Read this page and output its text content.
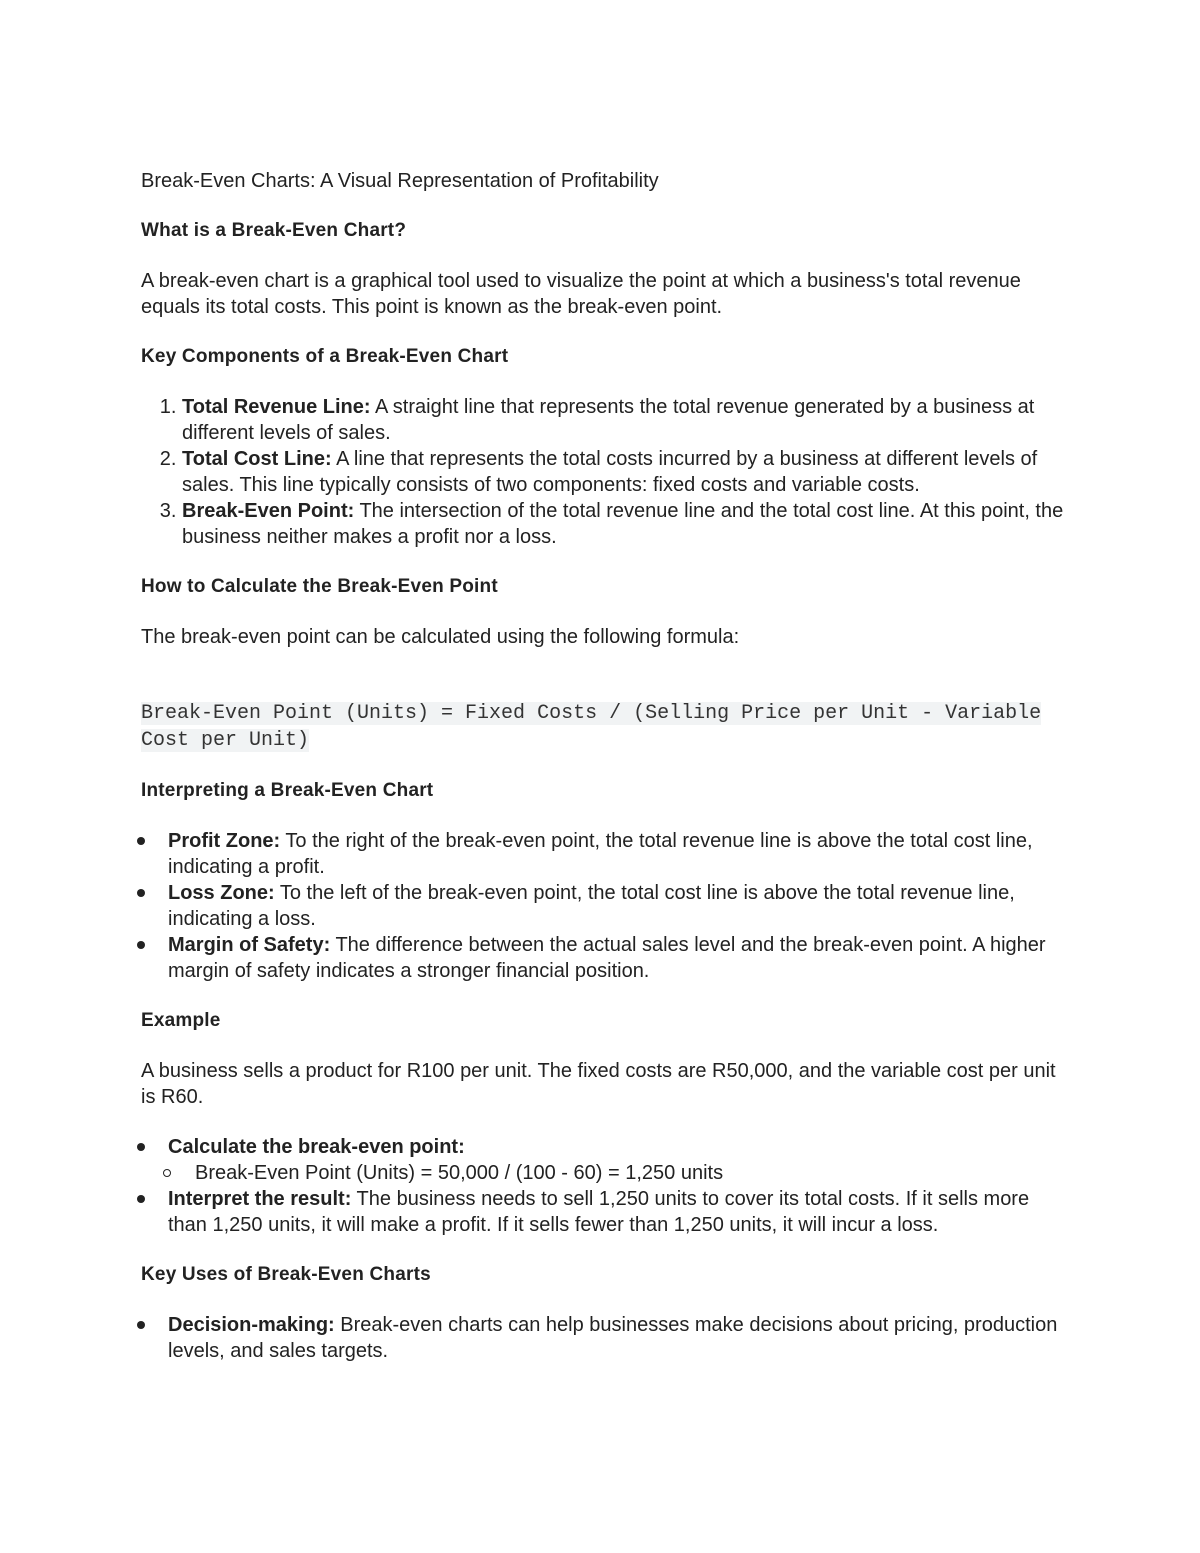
Break-Even Charts: A Visual Representation of Profitability
What is a Break-Even Chart?

A break-even chart is a graphical tool used to visualize the point at which a business's total revenue equals its total costs. This point is known as the break-even point.

Key Components of a Break-Even Chart
1. Total Revenue Line: A straight line that represents the total revenue generated by a business at different levels of sales.
2. Total Cost Line: A line that represents the total costs incurred by a business at different levels of sales. This line typically consists of two components: fixed costs and variable costs.
3. Break-Even Point: The intersection of the total revenue line and the total cost line. At this point, the business neither makes a profit nor a loss.
How to Calculate the Break-Even Point

The break-even point can be calculated using the following formula:

Break-Even Point (Units) = Fixed Costs / (Selling Price per Unit - Variable Cost per Unit)
Interpreting a Break-Even Chart
Profit Zone: To the right of the break-even point, the total revenue line is above the total cost line, indicating a profit.
Loss Zone: To the left of the break-even point, the total cost line is above the total revenue line, indicating a loss.
Margin of Safety: The difference between the actual sales level and the break-even point. A higher margin of safety indicates a stronger financial position.
Example

A business sells a product for R100 per unit. The fixed costs are R50,000, and the variable cost per unit is R60.

Calculate the break-even point:
Break-Even Point (Units) = 50,000 / (100 - 60) = 1,250 units
Interpret the result: The business needs to sell 1,250 units to cover its total costs. If it sells more than 1,250 units, it will make a profit. If it sells fewer than 1,250 units, it will incur a loss.
Key Uses of Break-Even Charts
Decision-making: Break-even charts can help businesses make decisions about pricing, production levels, and sales targets.
